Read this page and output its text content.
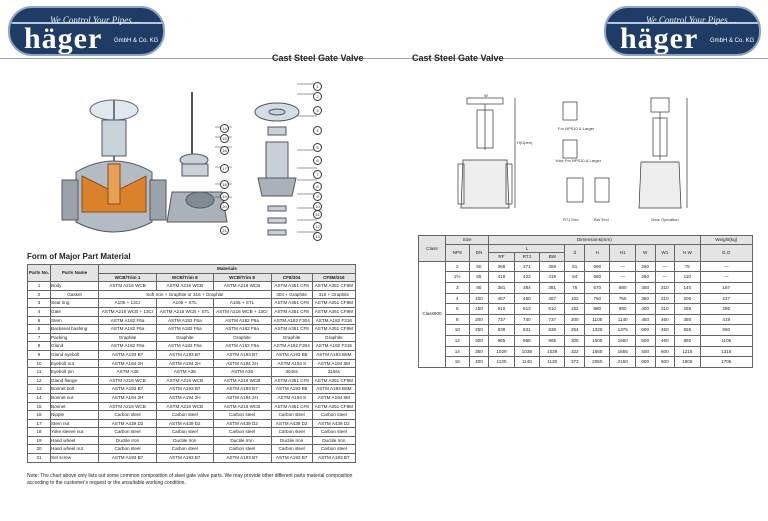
We Control Your Pipes ...
häger GmbH & Co. KG
We Control Your Pipes ...
häger GmbH & Co. KG
Cast Steel Gate Valve	Cast Steel Gate Valve
For NPS10 & Larger
Yoke For NPS10 & Larger
RTJ End	BW End	Gear Operation
W
H(Open)
1
2
3
4
5
6
7
8
9
10
11
12
13
14
15
16
17
18
19
20
21
Form of Major Part Material
Parts No.	Parts Name	Materials				
		WCB/Trim 1	WCB/Trim 8	WCB/Trim 8	CF8/304	CF8M/316
1	Body	ASTM A216 WCB	ASTM A216 WCB	ASTM A216 WCB	ASTM A351 CF8	ASTM A351 CF8M
2	Gasket	Soft Iron + Graphite or 316 + Graphite			304 + Graphite	316 + Graphite
3	Seat ring	A105 + 13Cr	A105 + STL	A105 + STL	ASTM A351 CF8	ASTM A351 CF8M
4	Gate	ASTM A216 WCB + 13Cr	ASTM A216 WCB + STL	ASTM A216 WCB + 13Cr	ASTM A351 CF8	ASTM A351 CF8M
5	Stem	ASTM A182 F6a	ASTM A182 F6a	ASTM A182 F6a	ASTM A182 F304	ASTM A182 F316
6	Backseat bushing	ASTM A182 F6a	ASTM A182 F6a	ASTM A182 F6a	ASTM A351 CF8	ASTM A351 CF8M
7	Packing	Graphite	Graphite	Graphite	Graphite	Graphite
8	Gland	ASTM A182 F6a	ASTM A182 F6a	ASTM A182 F6a	ASTM A182 F304	ASTM A182 F316
9	Gland eyebolt	ASTM A193 B7	ASTM A193 B7	ASTM A193 B7	ASTM A193 B8	ASTM A193 B8M
10	Eyebolt nut	ASTM A194 2H	ASTM A194 2H	ASTM A194 2H	ASTM A194 8	ASTM A194 8M
11	Eyebolt pin	ASTM A36	ASTM A36	ASTM A36	304ss	316ss
12	Gland flange	ASTM A216 WCB	ASTM A216 WCB	ASTM A216 WCB	ASTM A351 CF8	ASTM A351 CF8M
13	Bonnet bolt	ASTM A193 B7	ASTM A193 B7	ASTM A193 B7	ASTM A193 B8	ASTM A193 B8M
14	Bonnet nut	ASTM A194 2H	ASTM A194 2H	ASTM A194 2H	ASTM A194 8	ASTM A194 8M
15	Bonnet	ASTM A216 WCB	ASTM A216 WCB	ASTM A216 WCB	ASTM A351 CF8	ASTM A351 CF8M
16	Nipple	Carbon steel	Carbon steel	Carbon steel	Carbon steel	Carbon steel
17	Stem nut	ASTM A439 D2	ASTM A439 D2	ASTM A439 D2	ASTM A439 D2	ASTM A439 D2
18	Yoke sleeve nut	Carbon steel	Carbon steel	Carbon steel	Carbon steel	Carbon steel
19	Hand wheel	Ductile Iron	Ductile Iron	Ductile Iron	Ductile Iron	Ductile Iron
20	Hand wheel nut	Carbon steel	Carbon steel	Carbon steel	Carbon steel	Carbon steel
21	Set screw	ASTM A193 B7	ASTM A193 B7	ASTM A193 B7	ASTM A193 B7	ASTM A193 B7
Note: The chart above only lists out some common composition of steel gate valve parts. We may provide other different parts material composition according to the customer's request or the unsuitable working condition.
Class	Size		Dimensions(mm)									Weight(kg)
	NPS	DN	L			d	H	H1	W	W1	H.W	G.O
			RF	RTJ	BW							
Class900	2	50	368	371	368	51	590	—	250	—	75	—
	2½	65	419	422	419	64	650	—	280	—	110	—
	3	80	381	384	381	76	670	680	300	310	140	167
	4	100	457	460	457	102	750	755	350	310	200	227
	6	150	610	613	610	152	880	880	400	310	258	285
	8	200	737	740	737	200	1105	1140	450	460	350	419
	10	250	838	841	838	254	1325	1375	500	460	555	650
	12	300	965	968	965	305	1505	1550	500	460	860	1106
	14	350	1029	1038	1029	322	1655	1655	500	600	1215	1315
	16	400	1130	1140	1130	373	2050	2150	600	600	1605	1705
